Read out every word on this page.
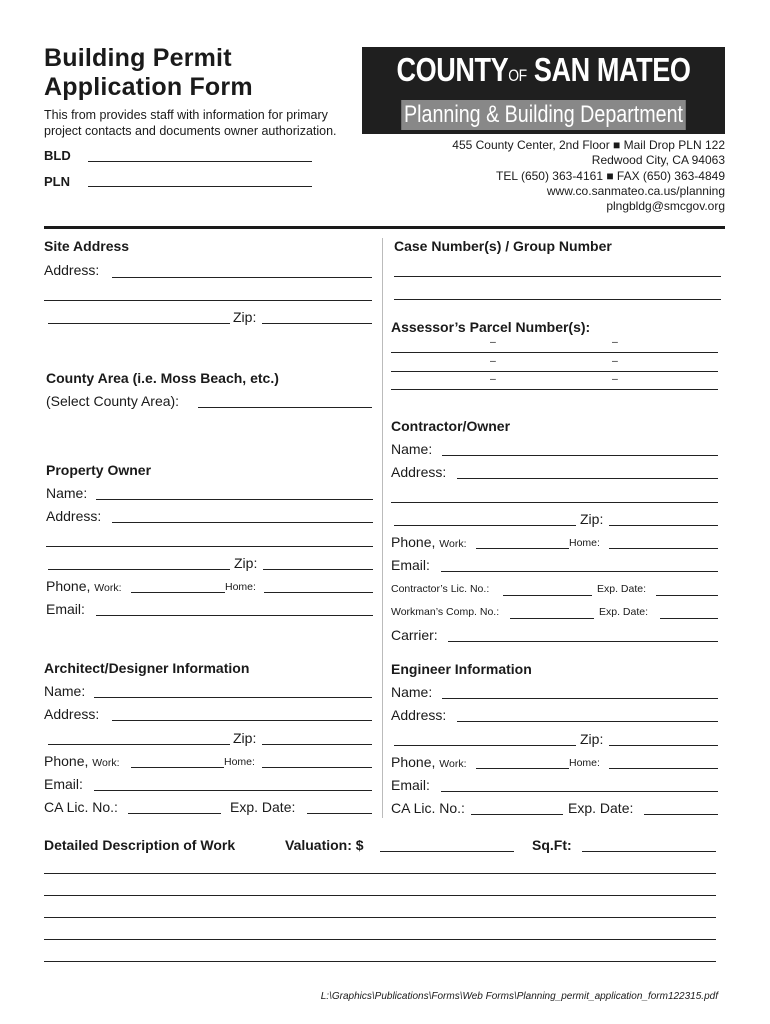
Building Permit
Application Form
This from provides staff with information for primary project contacts and documents owner authorization.
BLD
PLN
COUNTYOF SAN MATEO
Planning & Building Department
455 County Center, 2nd Floor ■ Mail Drop PLN 122
Redwood City, CA 94063
TEL (650) 363-4161 ■ FAX (650) 363-4849
www.co.sanmateo.ca.us/planning
plngbldg@smcgov.org
Site Address
Address:
Zip:
County Area (i.e. Moss Beach, etc.)
(Select County Area):
Property Owner
Name:
Address:
Zip:
Phone, Work:	Home:
Email:
Architect/Designer Information
Name:
Address:
Zip:
Phone, Work:	Home:
Email:
CA Lic. No.:	Exp. Date:
Case Number(s) / Group Number
Assessor’s Parcel Number(s):
–	–
–	–
–	–
Contractor/Owner
Name:
Address:
Zip:
Phone, Work:	Home:
Email:
Contractor’s Lic. No.:	Exp. Date:
Workman’s Comp. No.:	Exp. Date:
Carrier:
Engineer Information
Name:
Address:
Zip:
Phone, Work:	Home:
Email:
CA Lic. No.:	Exp. Date:
Detailed Description of Work	Valuation: $	Sq.Ft:
L:\Graphics\Publications\Forms\Web Forms\Planning_permit_application_form122315.pdf
